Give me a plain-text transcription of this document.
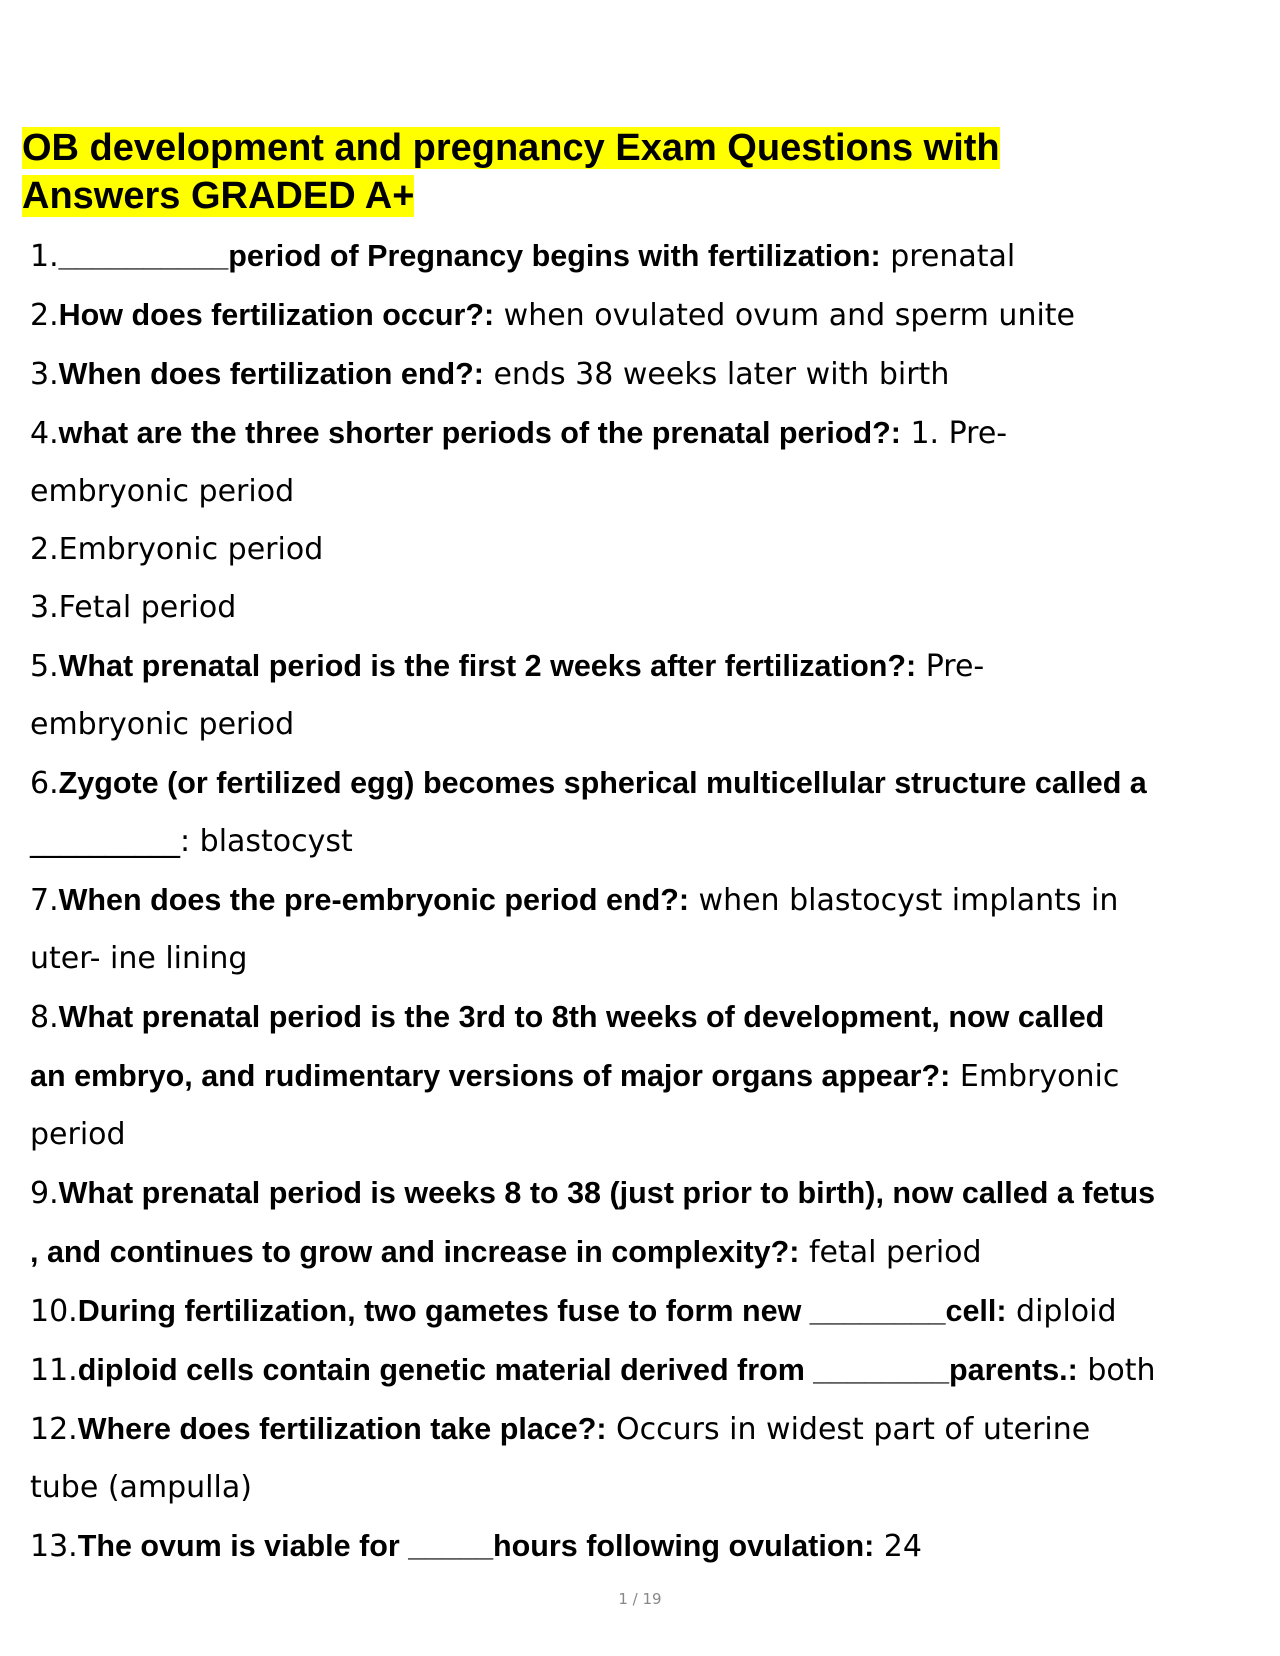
OB development and pregnancy Exam Questions with Answers GRADED A+
1.__________period of Pregnancy begins with fertilization: prenatal
2.How does fertilization occur?: when ovulated ovum and sperm unite
3.When does fertilization end?: ends 38 weeks later with birth
4.what are the three shorter periods of the prenatal period?: 1. Pre-
embryonic period
2.Embryonic period
3.Fetal period
5.What prenatal period is the first 2 weeks after fertilization?: Pre-
embryonic period
6.Zygote (or fertilized egg) becomes spherical multicellular structure called a
__________: blastocyst
7.When does the pre-embryonic period end?: when blastocyst implants in
uter- ine lining
8.What prenatal period is the 3rd to 8th weeks of development, now called
an embryo, and rudimentary versions of major organs appear?: Embryonic
period
9.What prenatal period is weeks 8 to 38 (just prior to birth), now called a fetus
, and continues to grow and increase in complexity?: fetal period
10.During fertilization, two gametes fuse to form new ________cell: diploid
11.diploid cells contain genetic material derived from ________parents.: both
12.Where does fertilization take place?: Occurs in widest part of uterine
tube (ampulla)
13.The ovum is viable for _____hours following ovulation: 24
1 / 19
